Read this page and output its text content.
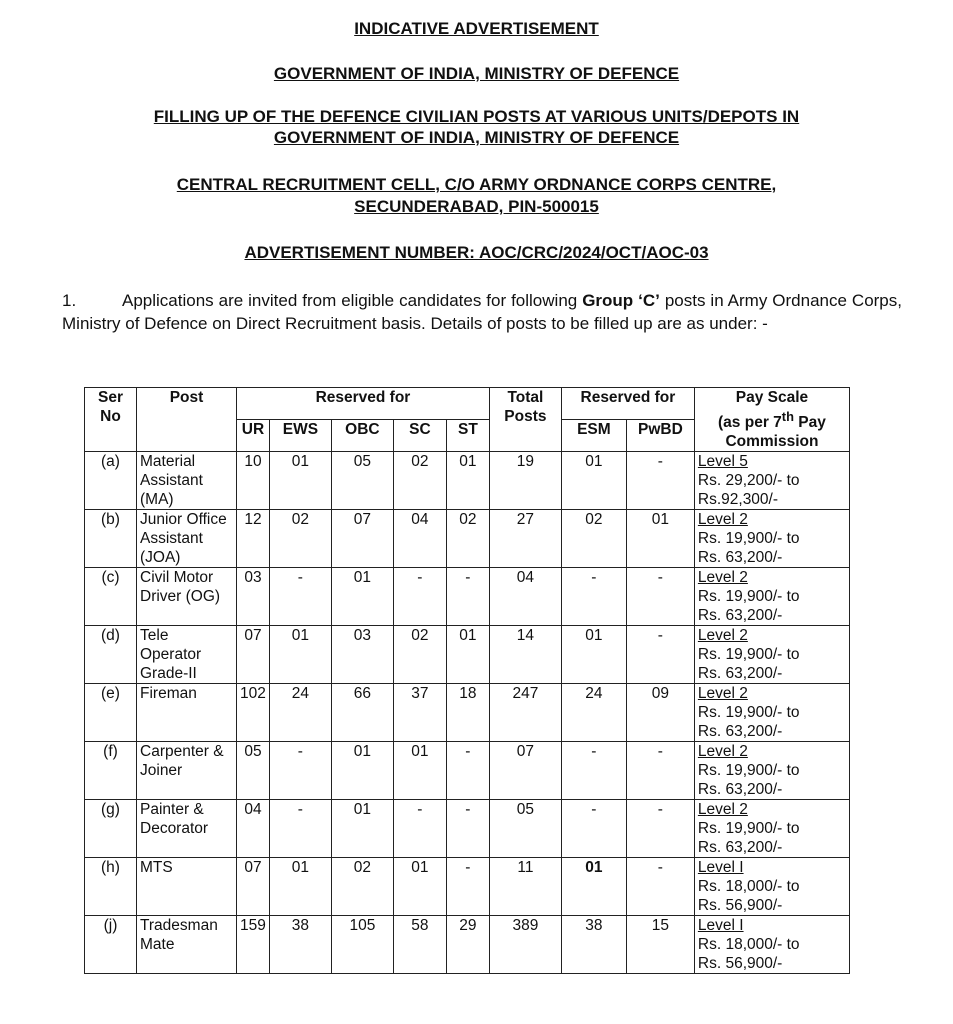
INDICATIVE ADVERTISEMENT
GOVERNMENT OF INDIA, MINISTRY OF DEFENCE
FILLING UP OF THE DEFENCE CIVILIAN POSTS AT VARIOUS UNITS/DEPOTS IN
GOVERNMENT OF INDIA, MINISTRY OF DEFENCE
CENTRAL RECRUITMENT CELL, C/O ARMY ORDNANCE CORPS CENTRE,
SECUNDERABAD, PIN-500015
ADVERTISEMENT NUMBER: AOC/CRC/2024/OCT/AOC-03
1.	Applications are invited from eligible candidates for following Group ‘C’ posts in Army Ordnance Corps, Ministry of Defence on Direct Recruitment basis. Details of posts to be filled up are as under: -
Ser No	Post	Reserved for					Total Posts	Reserved for		Pay Scale
(as per 7th Pay Commission
		UR	EWS	OBC	SC	ST		ESM	PwBD	
(a)	Material Assistant (MA)	10	01	05	02	01	19	01	-	Level 5
Rs. 29,200/- to
Rs.92,300/-
(b)	Junior Office Assistant (JOA)	12	02	07	04	02	27	02	01	Level 2
Rs. 19,900/- to
Rs. 63,200/-
(c)	Civil Motor Driver (OG)	03	-	01	-	-	04	-	-	Level 2
Rs. 19,900/- to
Rs. 63,200/-
(d)	Tele Operator Grade-II	07	01	03	02	01	14	01	-	Level 2
Rs. 19,900/- to
Rs. 63,200/-
(e)	Fireman	102	24	66	37	18	247	24	09	Level 2
Rs. 19,900/- to
Rs. 63,200/-
(f)	Carpenter & Joiner	05	-	01	01	-	07	-	-	Level 2
Rs. 19,900/- to
Rs. 63,200/-
(g)	Painter & Decorator	04	-	01	-	-	05	-	-	Level 2
Rs. 19,900/- to
Rs. 63,200/-
(h)	MTS	07	01	02	01	-	11	01	-	Level I
Rs. 18,000/- to
Rs. 56,900/-
(j)	Tradesman Mate	159	38	105	58	29	389	38	15	Level I
Rs. 18,000/- to
Rs. 56,900/-
